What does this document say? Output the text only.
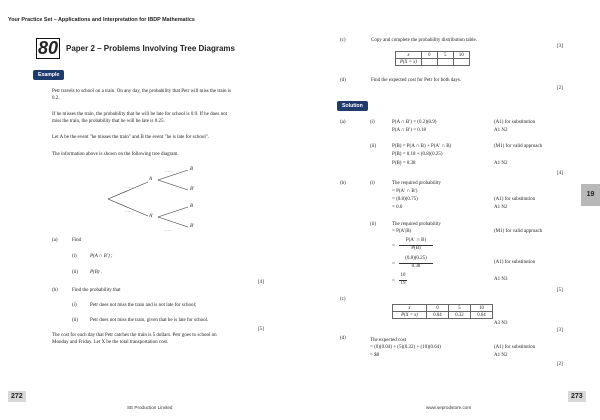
Your Practice Set – Applications and Interpretation for IBDP Mathematics
80 Paper 2 – Problems Involving Tree Diagrams
Example
Petr travels to school on a train. On any day, the probability that Petr will miss the train is
0.2.
If he misses the train, the probability that he will be late for school is 0.9. If he does not
miss the train, the probability that he will be late is 0.25.
Let A be the event "he misses the train" and B the event "he is late for school".
The information above is shown on the following tree diagram.
……
……
……
……
A
A′
B
B′
B
B′
(a)	Find
(i)	P(A ∩ B′) ;
(ii) P(B) .
[4]
(b)	Find the probability that
(i)	Petr does not miss the train and is not late for school;
(ii) Petr does not miss the train, given that he is late for school.
[5]
The cost for each day that Petr catches the train is 5 dollars. Petr goes to school on
Monday and Friday. Let X be the total transportation cost.
272
SE Production Limited
(c)	Copy and complete the probability distribution table.
[3]
x	0	5	10
P(X = x)			
(d)	Find the expected cost for Petr for both days.
[2]
Solution
(a)	(i)	P(A ∩ B′) = (0.2)(0.9)	(A1) for substitution
P(A ∩ B′) = 0.18	A1 N2
(ii)	P(B) = P(A ∩ B) + P(A′ ∩ B)	(M1) for valid approach
P(B) = 0.18 + (0.8)(0.25)
P(B) = 0.38	A1 N2
[4]
(b)	(i)	The required probability
= P(A′ ∩ B′)
= (0.8)(0.75)	(A1) for substitution
= 0.6	A1 N2
(ii)	The required probability
= P(A′|B)	(M1) for valid approach
=
P(A′ ∩ B)
P(B)
=
(0.8)(0.25)
0.38
(A1) for substitution
=
10
19
A1 N3
[5]
(c)
x	0	5	10
P(X = x)	0.04	0.32	0.64
A3 N3
[3]
(d)	The expected cost
= (0)(0.04) + (5)(0.32) + (10)(0.64)	(A1) for substitution
= $8	A1 N2
[2]
19
273
www.seprodstore.com
